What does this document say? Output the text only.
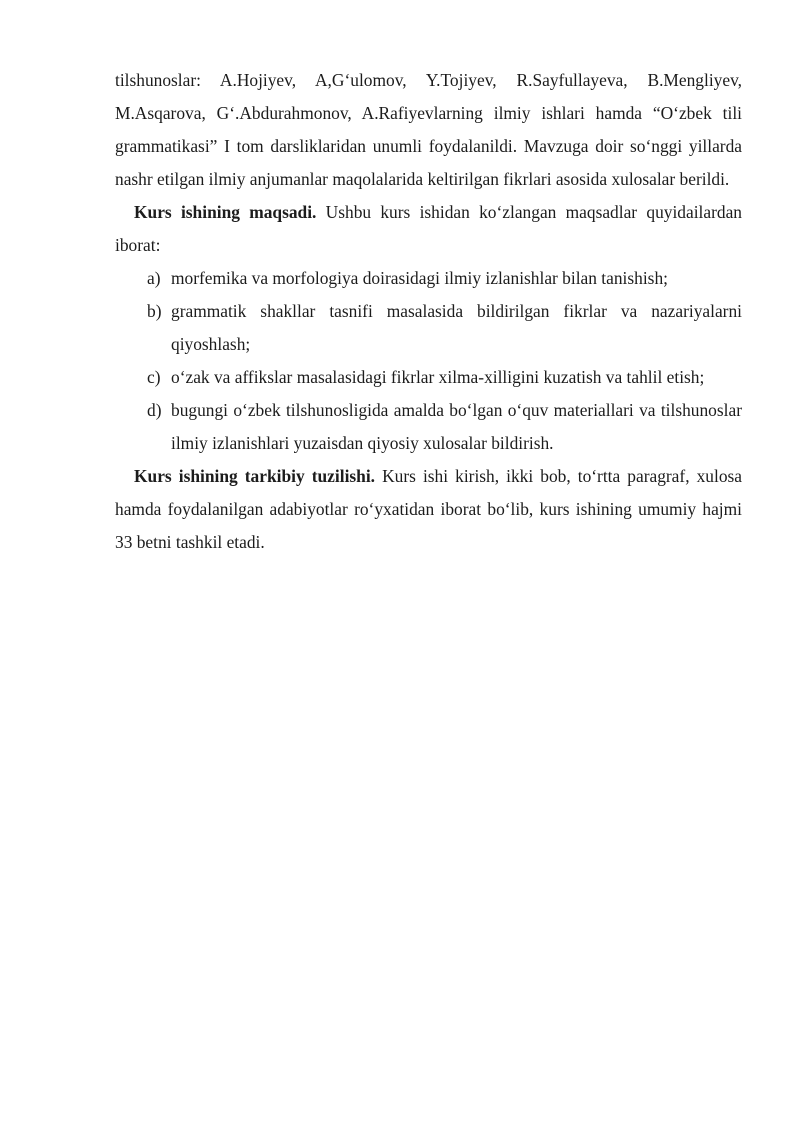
tilshunoslar: A.Hojiyev, A,G‘ulomov, Y.Tojiyev, R.Sayfullayeva, B.Mengliyev, M.Asqarova, G‘.Abdurahmonov, A.Rafiyevlarning ilmiy ishlari hamda “O‘zbek tili grammatikasi” I tom darsliklaridan unumli foydalanildi. Mavzuga doir so‘nggi yillarda nashr etilgan ilmiy anjumanlar maqolalarida keltirilgan fikrlari asosida xulosalar berildi.

Kurs ishining maqsadi. Ushbu kurs ishidan ko‘zlangan maqsadlar quyidailardan iborat:

a) morfemika va morfologiya doirasidagi ilmiy izlanishlar bilan tanishish;
b) grammatik shakllar tasnifi masalasida bildirilgan fikrlar va nazariyalarni qiyoshlash;
c) o‘zak va affikslar masalasidagi fikrlar xilma-xilligini kuzatish va tahlil etish;
d) bugungi o‘zbek tilshunosligida amalda bo‘lgan o‘quv materiallari va tilshunoslar ilmiy izlanishlari yuzaisdan qiyosiy xulosalar bildirish.

Kurs ishining tarkibiy tuzilishi. Kurs ishi kirish, ikki bob, to‘rtta paragraf, xulosa hamda foydalanilgan adabiyotlar ro‘yxatidan iborat bo‘lib, kurs ishining umumiy hajmi 33 betni tashkil etadi.
